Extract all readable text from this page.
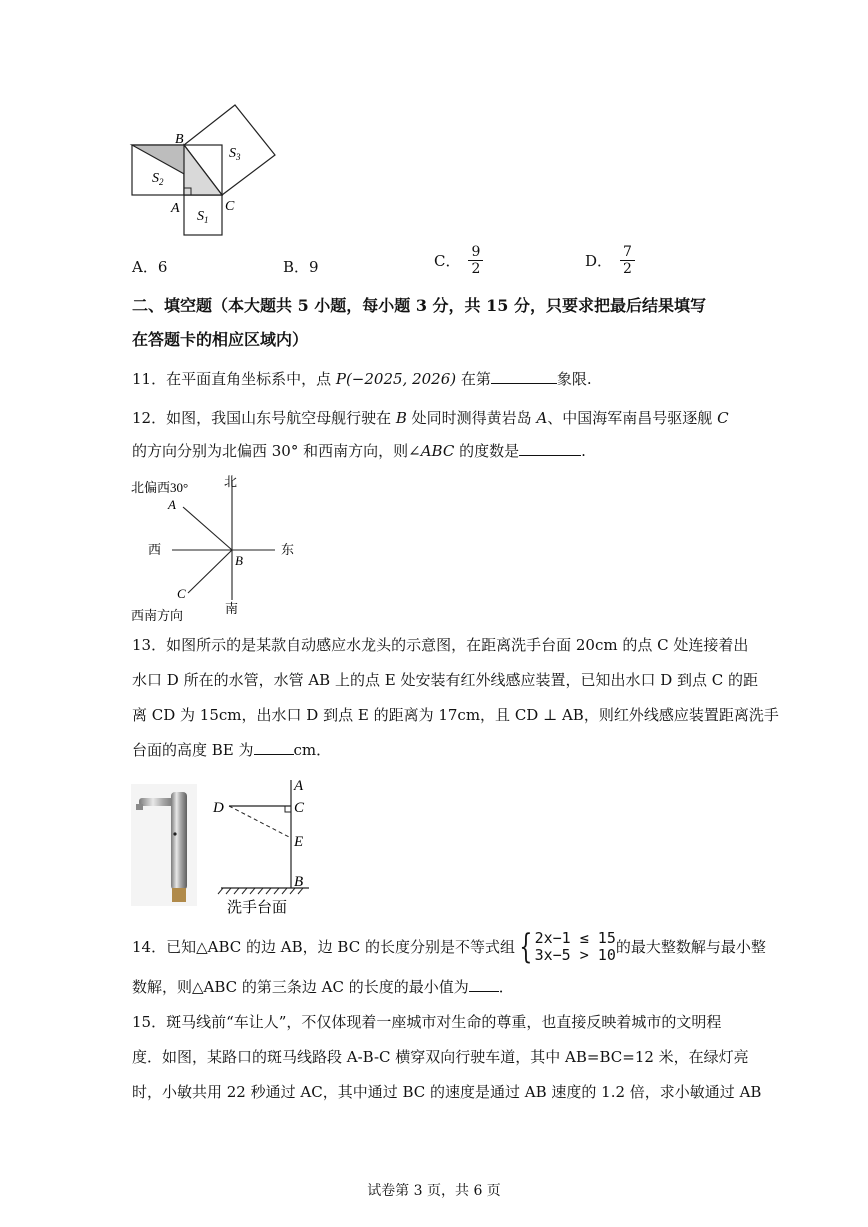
B
A	C
$S_1$
$S_2$
$S_3$
A．6	B．9	C． $\frac{9}{2}$	D． $\frac{7}{2}$
二、填空题（本大题共 5 小题，每小题 3 分，共 15 分，只要求把最后结果填写
在答题卡的相应区域内）
11．在平面直角坐标系中，点 P(−2025, 2026) 在第	象限.
12．如图，我国山东号航空母舰行驶在 B 处同时测得黄岩岛 A、中国海军南昌号驱逐舰 C
的方向分别为北偏西 30° 和西南方向，则∠ABC 的度数是	.
北偏西30°	北
西	东
南
西南方向
A
B
C
13．如图所示的是某款自动感应水龙头的示意图，在距离洗手台面 20cm 的点 C 处连接着出
水口 D 所在的水管，水管 AB 上的点 E 处安装有红外线感应装置，已知出水口 D 到点 C 的距
离 CD 为 15cm，出水口 D 到点 E 的距离为 17cm，且 CD ⊥ AB，则红外线感应装置距离洗手
台面的高度 BE 为	cm．
A
C
D
E
B
洗手台面
14．已知△ABC 的边 AB，边 BC 的长度分别是不等式组 { 2x−1 ≤ 15
3x−5 > 10 的最大整数解与最小整
数解，则△ABC 的第三条边 AC 的长度的最小值为 ．
15．斑马线前“车让人”，不仅体现着一座城市对生命的尊重，也直接反映着城市的文明程
度．如图，某路口的斑马线路段 A-B-C 横穿双向行驶车道，其中 AB=BC=12 米，在绿灯亮
时，小敏共用 22 秒通过 AC，其中通过 BC 的速度是通过 AB 速度的 1.2 倍，求小敏通过 AB
试卷第 3 页，共 6 页
